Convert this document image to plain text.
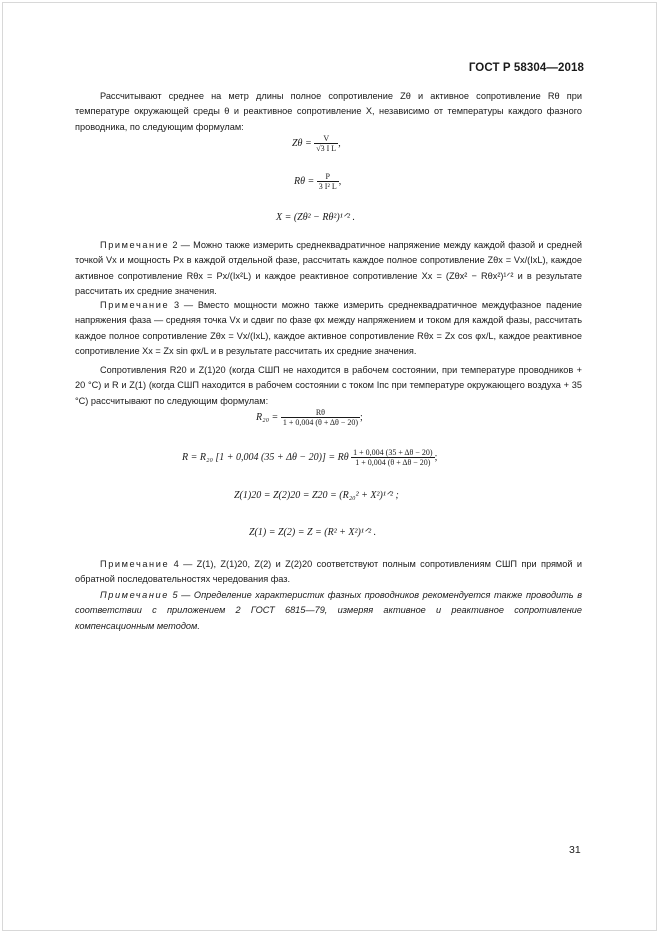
ГОСТ Р 58304—2018
Рассчитывают среднее на метр длины полное сопротивление Zθ и активное сопротивление Rθ при температуре окружающей среды θ и реактивное сопротивление X, независимо от температуры каждого фазного проводника, по следующим формулам:
$Z\theta = \frac{V}{\text{√3 I L}}$ ,
$R\theta = \frac{P}{\text{3 I² L}}$ ,
X = (Zθ² − Rθ²)¹ᐟ² .
Примечание 2 — Можно также измерить среднеквадратичное напряжение между каждой фазой и средней точкой Vx и мощность Px в каждой отдельной фазе, рассчитать каждое полное сопротивление Zθx = Vx/(IxL), каждое активное сопротивление Rθx = Px/(Ix²L) и каждое реактивное сопротивление Xx = (Zθx² − Rθx²)¹ᐟ² и в результате рассчитать их средние значения.
Примечание 3 — Вместо мощности можно также измерить среднеквадратичное междуфазное падение напряжения фаза — средняя точка Vx и сдвиг по фазе φx между напряжением и током для каждой фазы, рассчитать каждое полное сопротивление Zθx = Vx/(IxL), каждое активное сопротивление Rθx = Zx cos φx/L, каждое реактивное сопротивление Xx = Zx sin φx/L и в результате рассчитать их средние значения.
Сопротивления R20 и Z(1)20 (когда СШП не находится в рабочем состоянии, при температуре проводников + 20 °C) и R и Z(1) (когда СШП находится в рабочем состоянии с током Iпс при температуре окружающего воздуха + 35 °C) рассчитывают по следующим формулам:
$R_{20} = \frac{R\theta}{1 + 0,004 (\theta + \Delta\theta - 20)}$ ;
R = R₂₀ [1 + 0,004 (35 + Δθ − 20)] = Rθ $\frac{1 + 0,004 (35 + \Delta\theta - 20)}{1 + 0,004 (\theta + \Delta\theta - 20)}$ ;
Z(1)20 = Z(2)20 = Z20 = (R₂₀² + X²)¹ᐟ² ;
Z(1) = Z(2) = Z = (R² + X²)¹ᐟ² .
Примечание 4 — Z(1), Z(1)20, Z(2) и Z(2)20 соответствуют полным сопротивлениям СШП при прямой и обратной последовательностях чередования фаз.
Примечание 5 — Определение характеристик фазных проводников рекомендуется также проводить в соответствии с приложением 2 ГОСТ 6815—79, измеряя активное и реактивное сопротивление компенсационным методом.
31
